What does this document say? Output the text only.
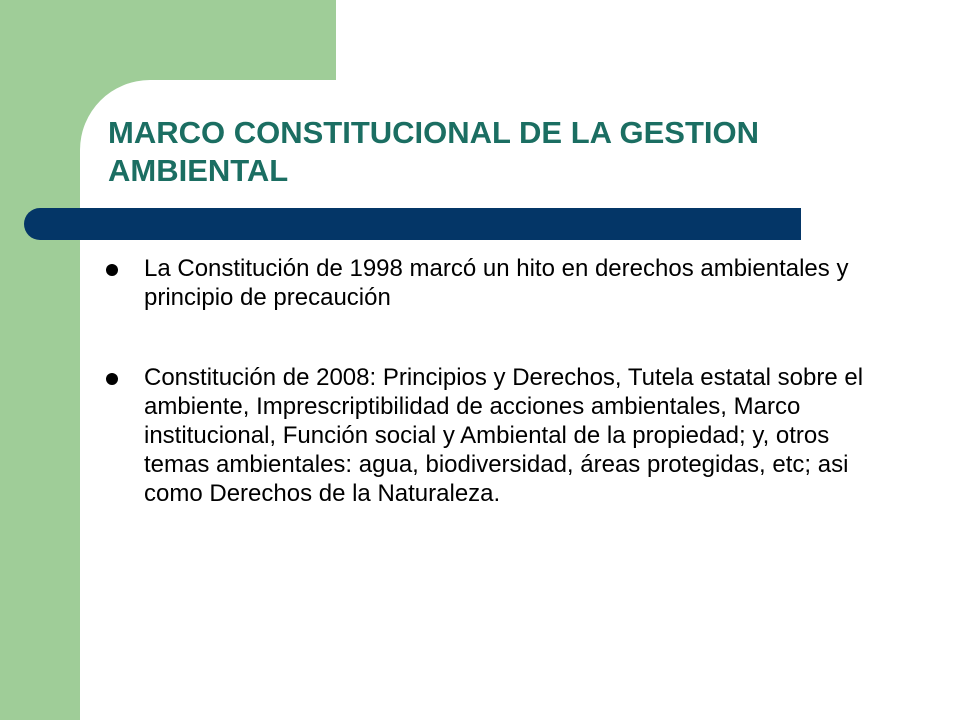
MARCO CONSTITUCIONAL DE LA GESTION AMBIENTAL
La Constitución de 1998 marcó un hito en derechos ambientales y principio de precaución
Constitución de 2008: Principios y Derechos, Tutela estatal sobre el ambiente, Imprescriptibilidad de acciones ambientales, Marco institucional, Función social y Ambiental de la propiedad; y, otros temas ambientales: agua, biodiversidad, áreas protegidas, etc; asi como Derechos de la Naturaleza.
